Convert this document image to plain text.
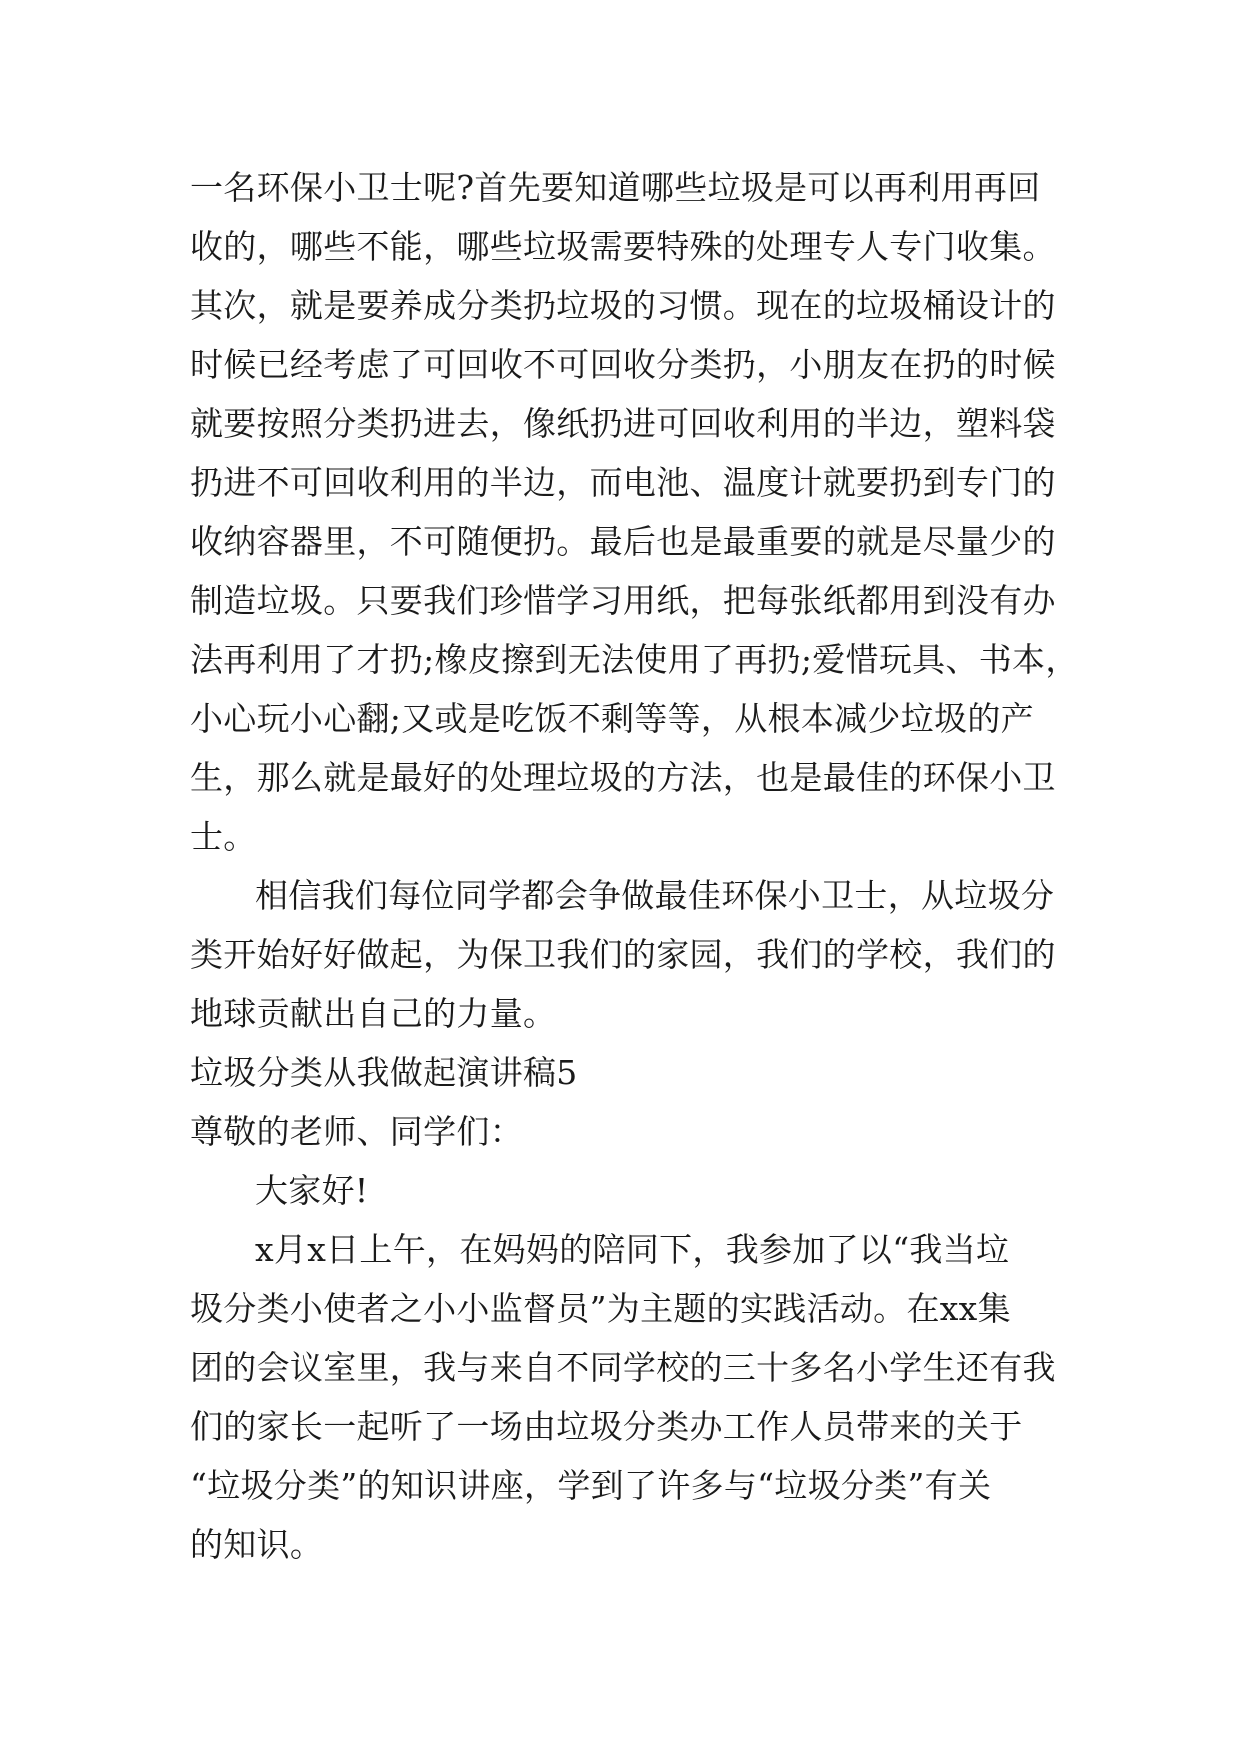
一名环保小卫士呢?首先要知道哪些垃圾是可以再利用再回
收的，哪些不能，哪些垃圾需要特殊的处理专人专门收集。
其次，就是要养成分类扔垃圾的习惯。现在的垃圾桶设计的
时候已经考虑了可回收不可回收分类扔，小朋友在扔的时候
就要按照分类扔进去，像纸扔进可回收利用的半边，塑料袋
扔进不可回收利用的半边，而电池、温度计就要扔到专门的
收纳容器里，不可随便扔。最后也是最重要的就是尽量少的
制造垃圾。只要我们珍惜学习用纸，把每张纸都用到没有办
法再利用了才扔;橡皮擦到无法使用了再扔;爱惜玩具、书本，
小心玩小心翻;又或是吃饭不剩等等，从根本减少垃圾的产
生，那么就是最好的处理垃圾的方法，也是最佳的环保小卫
士。
相信我们每位同学都会争做最佳环保小卫士，从垃圾分
类开始好好做起，为保卫我们的家园，我们的学校，我们的
地球贡献出自己的力量。
垃圾分类从我做起演讲稿5
尊敬的老师、同学们：
大家好!
x月x日上午，在妈妈的陪同下，我参加了以“我当垃
圾分类小使者之小小监督员”为主题的实践活动。在xx集
团的会议室里，我与来自不同学校的三十多名小学生还有我
们的家长一起听了一场由垃圾分类办工作人员带来的关于
“垃圾分类”的知识讲座，学到了许多与“垃圾分类”有关
的知识。
